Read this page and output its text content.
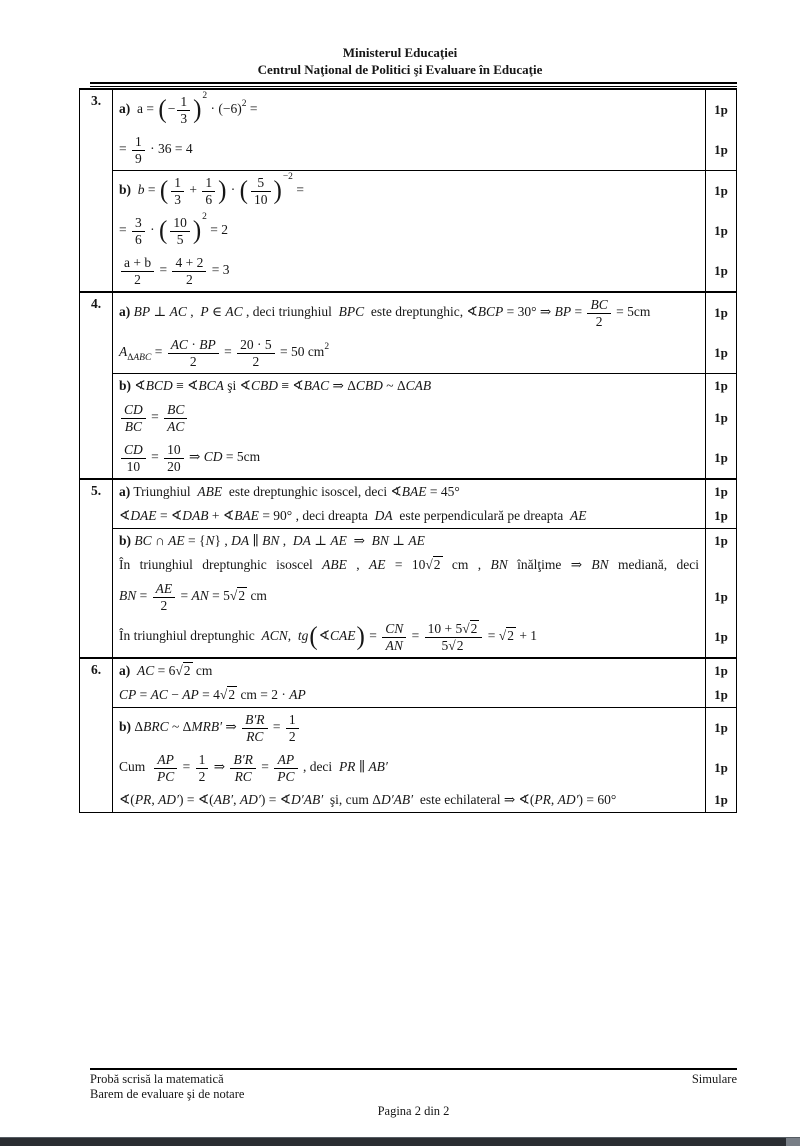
Ministerul Educaţiei
Centrul Naţional de Politici şi Evaluare în Educaţie
3.
a)  a = (− $\frac{1}{3} )^2 \cdot (-6)^2$ =	1p
= $\frac{1}{9} \cdot 36 = 4$	1p
b) b = ( $\frac{1}{3} + \frac{1}{6}$ ) · ( $\frac{5}{10} )^{-2}$ =	1p
= $\frac{3}{6}$ · ( $\frac{10}{5} )^2 = 2$	1p
$\frac{a + b}{2} = \frac{4 + 2}{2} = 3$	1p
4.
a) BP ⊥ AC ,  P ∈ AC , deci triunghiul  BPC  este dreptunghic, ∢BCP = 30° ⇒ BP = $\frac{BC}{2} = 5cm$	1p
$A_{\Delta ABC} = \frac{AC \cdot BP}{2} = \frac{20 \cdot 5}{2} = 50$ $cm^2$	1p
b) ∢BCD ≡ ∢BCA şi ∢CBD ≡ ∢BAC ⇒ ΔCBD ~ ΔCAB	1p
$\frac{CD}{BC} = \frac{BC}{AC}$	1p
$\frac{CD}{10} = \frac{10}{20}$ ⇒ CD = 5cm	1p
5.	a) Triunghiul  ABE  este dreptunghic isoscel, deci ∢BAE = 45°	1p
∢DAE = ∢DAB + ∢BAE = 90° , deci dreapta  DA  este perpendiculară pe dreapta  AE	1p
b) BC ∩ AE = {N} , DA ∥ BN ,  DA ⊥ AE  ⇒  BN ⊥ AE	1p
În triunghiul dreptunghic isoscel ABE , AE = 10√2 cm , BN înălţime ⇒ BN mediană, deci
BN = $\frac{AE}{2}$ = AN = 5√2 cm	1p
În triunghiul dreptunghic  ACN,  tg(∢CAE) = $\frac{CN}{AN} = \frac{10 + 5√2}{5√2} = √2 + 1$	1p
6.	a) AC = 6√2 cm	1p
CP = AC − AP = 4√2 cm = 2 · AP	1p
b) ΔBRC ~ ΔMRB′ ⇒ $\frac{B'R}{RC} = \frac{1}{2}$	1p
Cum $\frac{AP}{PC} = \frac{1}{2}$ ⇒ $\frac{B'R}{RC} = \frac{AP}{PC}$ , deci  PR ∥ AB′	1p
∢(PR, AD′) = ∢(AB′, AD′) = ∢D′AB′  şi, cum ΔD′AB′  este echilateral ⇒ ∢(PR, AD′) = 60°	1p
Probă scrisă la matematică	Simulare
Barem de evaluare şi de notare
Pagina 2 din 2
